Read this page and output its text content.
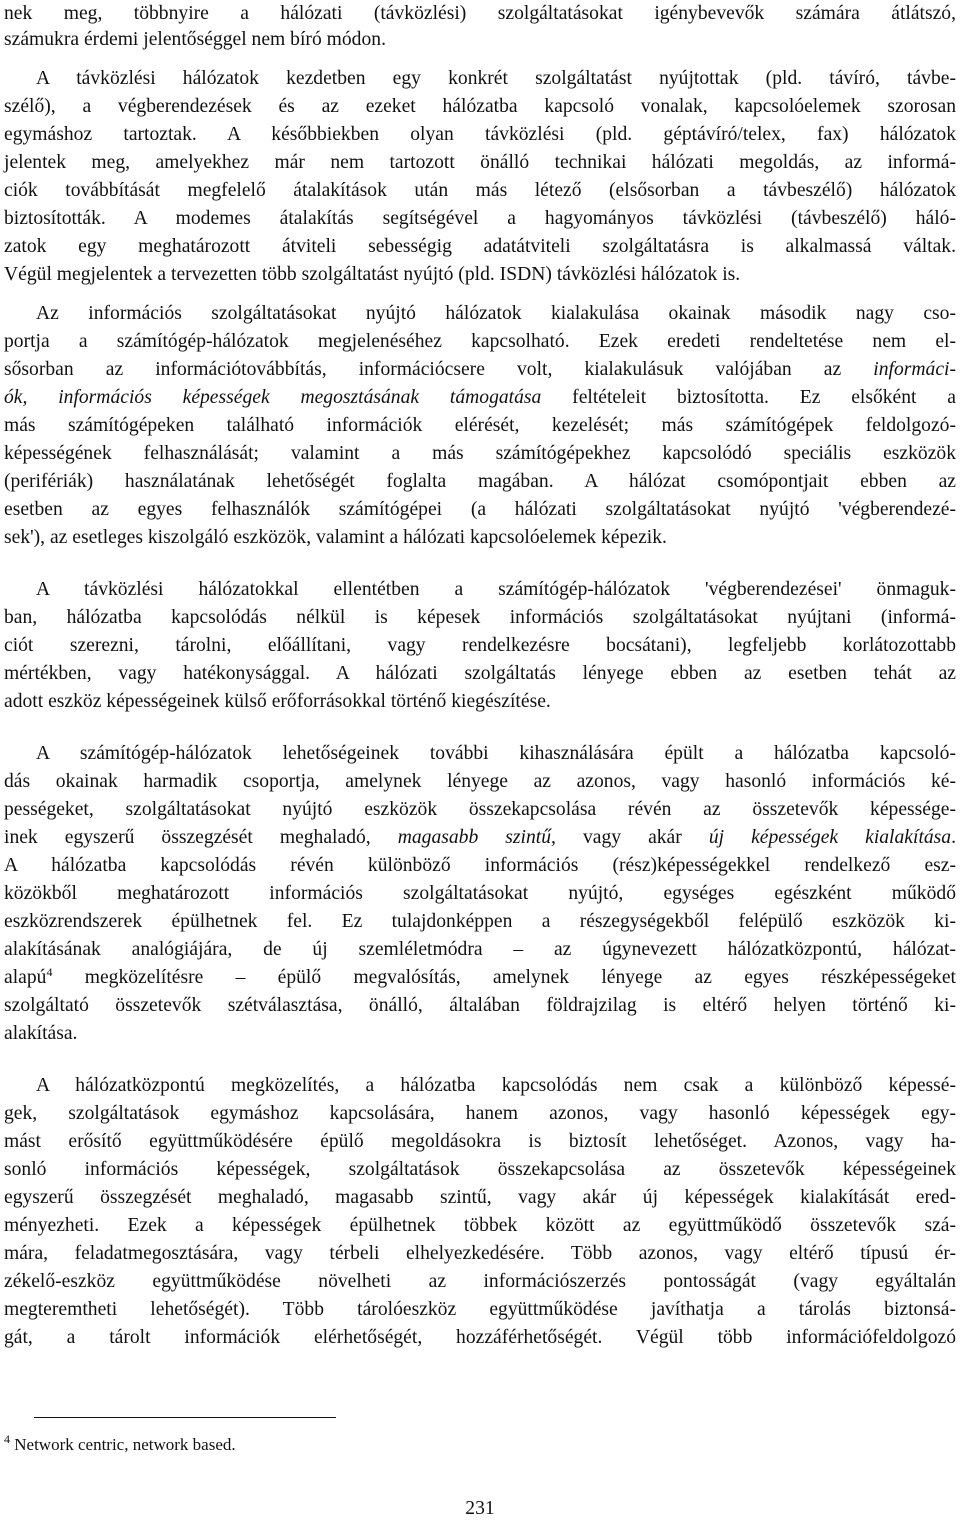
nek meg, többnyire a hálózati (távközlési) szolgáltatásokat igénybevevők számára átlátszó,
számukra érdemi jelentőséggel nem bíró módon.
A távközlési hálózatok kezdetben egy konkrét szolgáltatást nyújtottak (pld. távíró, távbe-
szélő), a végberendezések és az ezeket hálózatba kapcsoló vonalak, kapcsolóelemek szorosan
egymáshoz tartoztak. A későbbiekben olyan távközlési (pld. géptávíró/telex, fax) hálózatok
jelentek meg, amelyekhez már nem tartozott önálló technikai hálózati megoldás, az informá-
ciók továbbítását megfelelő átalakítások után más létező (elsősorban a távbeszélő) hálózatok
biztosították. A modemes átalakítás segítségével a hagyományos távközlési (távbeszélő) háló-
zatok egy meghatározott átviteli sebességig adatátviteli szolgáltatásra is alkalmassá váltak.
Végül megjelentek a tervezetten több szolgáltatást nyújtó (pld. ISDN) távközlési hálózatok is.
Az információs szolgáltatásokat nyújtó hálózatok kialakulása okainak második nagy cso-
portja a számítógép-hálózatok megjelenéséhez kapcsolható. Ezek eredeti rendeltetése nem el-
sősorban az információtovábbítás, információcsere volt, kialakulásuk valójában az informáci-
ók, információs képességek megosztásának támogatása feltételeit biztosította. Ez elsőként a
más számítógépeken található információk elérését, kezelését; más számítógépek feldolgozó-
képességének felhasználását; valamint a más számítógépekhez kapcsolódó speciális eszközök
(perifériák) használatának lehetőségét foglalta magában. A hálózat csomópontjait ebben az
esetben az egyes felhasználók számítógépei (a hálózati szolgáltatásokat nyújtó 'végberendezé-
sek'), az esetleges kiszolgáló eszközök, valamint a hálózati kapcsolóelemek képezik.
A távközlési hálózatokkal ellentétben a számítógép-hálózatok 'végberendezései' önmaguk-
ban, hálózatba kapcsolódás nélkül is képesek információs szolgáltatásokat nyújtani (informá-
ciót szerezni, tárolni, előállítani, vagy rendelkezésre bocsátani), legfeljebb korlátozottabb
mértékben, vagy hatékonysággal. A hálózati szolgáltatás lényege ebben az esetben tehát az
adott eszköz képességeinek külső erőforrásokkal történő kiegészítése.
A számítógép-hálózatok lehetőségeinek további kihasználására épült a hálózatba kapcsoló-
dás okainak harmadik csoportja, amelynek lényege az azonos, vagy hasonló információs ké-
pességeket, szolgáltatásokat nyújtó eszközök összekapcsolása révén az összetevők képessége-
inek egyszerű összegzését meghaladó, magasabb szintű, vagy akár új képességek kialakítása.
A hálózatba kapcsolódás révén különböző információs (rész)képességekkel rendelkező esz-
közökből meghatározott információs szolgáltatásokat nyújtó, egységes egészként működő
eszközrendszerek épülhetnek fel. Ez tulajdonképpen a részegységekből felépülő eszközök ki-
alakításának analógiájára, de új szemléletmódra – az úgynevezett hálózatközpontú, hálózat-
alapú$^4$ megközelítésre – épülő megvalósítás, amelynek lényege az egyes részképességeket
szolgáltató összetevők szétválasztása, önálló, általában földrajzilag is eltérő helyen történő ki-
alakítása.
A hálózatközpontú megközelítés, a hálózatba kapcsolódás nem csak a különböző képessé-
gek, szolgáltatások egymáshoz kapcsolására, hanem azonos, vagy hasonló képességek egy-
mást erősítő együttműködésére épülő megoldásokra is biztosít lehetőséget. Azonos, vagy ha-
sonló információs képességek, szolgáltatások összekapcsolása az összetevők képességeinek
egyszerű összegzését meghaladó, magasabb szintű, vagy akár új képességek kialakítását ered-
ményezheti. Ezek a képességek épülhetnek többek között az együttműködő összetevők szá-
mára, feladatmegosztására, vagy térbeli elhelyezkedésére. Több azonos, vagy eltérő típusú ér-
zékelő-eszköz együttműködése növelheti az információszerzés pontosságát (vagy egyáltalán
megteremtheti lehetőségét). Több tárolóeszköz együttműködése javíthatja a tárolás biztonsá-
gát, a tárolt információk elérhetőségét, hozzáférhetőségét. Végül több információfeldolgozó
$^4$ Network centric, network based.
231
